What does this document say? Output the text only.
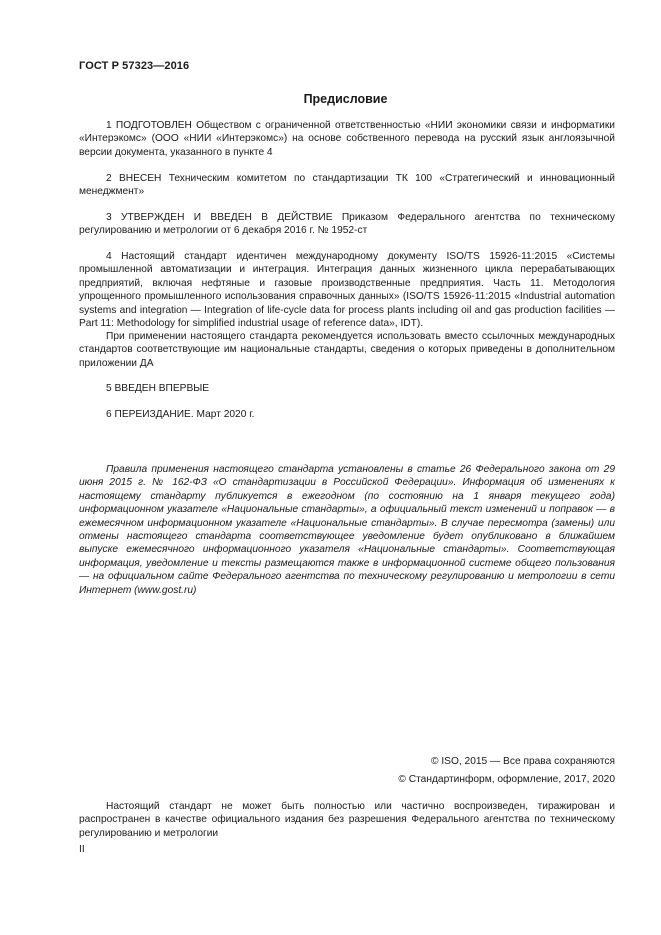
ГОСТ Р 57323—2016
Предисловие

1 ПОДГОТОВЛЕН Обществом с ограниченной ответственностью «НИИ экономики связи и информатики «Интерэкомс» (ООО «НИИ «Интерэкомс») на основе собственного перевода на русский язык англоязычной версии документа, указанного в пункте 4

2 ВНЕСЕН Техническим комитетом по стандартизации ТК 100 «Стратегический и инновационный менеджмент»

3 УТВЕРЖДЕН И ВВЕДЕН В ДЕЙСТВИЕ Приказом Федерального агентства по техническому регулированию и метрологии от 6 декабря 2016 г. № 1952-ст

4 Настоящий стандарт идентичен международному документу ISO/TS 15926-11:2015 «Системы промышленной автоматизации и интеграция. Интеграция данных жизненного цикла перерабатывающих предприятий, включая нефтяные и газовые производственные предприятия. Часть 11. Методология упрощенного промышленного использования справочных данных» (ISO/TS 15926-11:2015 «Industrial automation systems and integration — Integration of life-cycle data for process plants including oil and gas production facilities — Part 11: Methodology for simplified industrial usage of reference data», IDT).

При применении настоящего стандарта рекомендуется использовать вместо ссылочных международных стандартов соответствующие им национальные стандарты, сведения о которых приведены в дополнительном приложении ДА

5 ВВЕДЕН ВПЕРВЫЕ

6 ПЕРЕИЗДАНИЕ. Март 2020 г.

Правила применения настоящего стандарта установлены в статье 26 Федерального закона от 29 июня 2015 г. № 162-ФЗ «О стандартизации в Российской Федерации». Информация об изменениях к настоящему стандарту публикуется в ежегодном (по состоянию на 1 января текущего года) информационном указателе «Национальные стандарты», а официальный текст изменений и поправок — в ежемесячном информационном указателе «Национальные стандарты». В случае пересмотра (замены) или отмены настоящего стандарта соответствующее уведомление будет опубликовано в ближайшем выпуске ежемесячного информационного указателя «Национальные стандарты». Соответствующая информация, уведомление и тексты размещаются также в информационной системе общего пользования — на официальном сайте Федерального агентства по техническому регулированию и метрологии в сети Интернет (www.gost.ru)

© ISO, 2015 — Все права сохраняются
© Стандартинформ, оформление, 2017, 2020

Настоящий стандарт не может быть полностью или частично воспроизведен, тиражирован и распространен в качестве официального издания без разрешения Федерального агентства по техническому регулированию и метрологии

II
